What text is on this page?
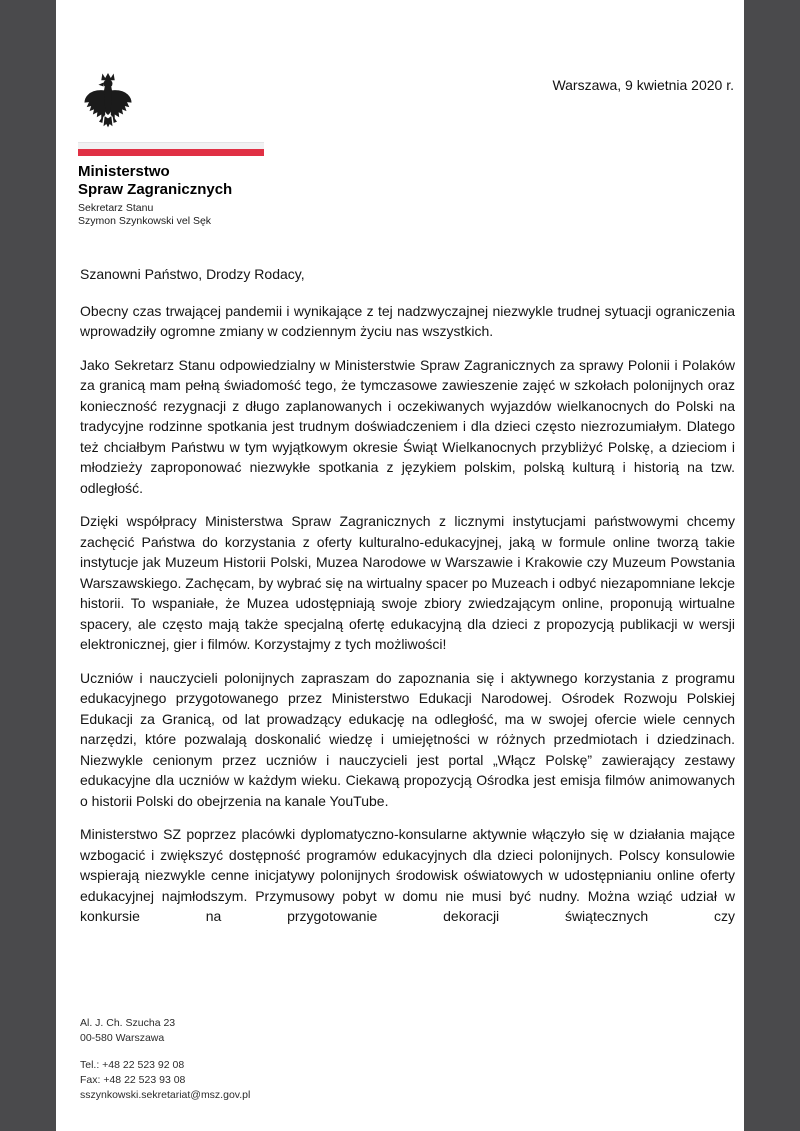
Warszawa, 9 kwietnia 2020 r.
Ministerstwo
Spraw Zagranicznych
Sekretarz Stanu
Szymon Szynkowski vel Sęk

Szanowni Państwo, Drodzy Rodacy,

Obecny czas trwającej pandemii i wynikające z tej nadzwyczajnej niezwykle trudnej sytuacji ograniczenia wprowadziły ogromne zmiany w codziennym życiu nas wszystkich.

Jako Sekretarz Stanu odpowiedzialny w Ministerstwie Spraw Zagranicznych za sprawy Polonii i Polaków za granicą mam pełną świadomość tego, że tymczasowe zawieszenie zajęć w szkołach polonijnych oraz konieczność rezygnacji z długo zaplanowanych i oczekiwanych wyjazdów wielkanocnych do Polski na tradycyjne rodzinne spotkania jest trudnym doświadczeniem i dla dzieci często niezrozumiałym. Dlatego też chciałbym Państwu w tym wyjątkowym okresie Świąt Wielkanocnych przybliżyć Polskę, a dzieciom i młodzieży zaproponować niezwykłe spotkania z językiem polskim, polską kulturą i historią na tzw. odległość.

Dzięki współpracy Ministerstwa Spraw Zagranicznych z licznymi instytucjami państwowymi chcemy zachęcić Państwa do korzystania z oferty kulturalno-edukacyjnej, jaką w formule online tworzą takie instytucje jak Muzeum Historii Polski, Muzea Narodowe w Warszawie i Krakowie czy Muzeum Powstania Warszawskiego. Zachęcam, by wybrać się na wirtualny spacer po Muzeach i odbyć niezapomniane lekcje historii. To wspaniałe, że Muzea udostępniają swoje zbiory zwiedzającym online, proponują wirtualne spacery, ale często mają także specjalną ofertę edukacyjną dla dzieci z propozycją publikacji w wersji elektronicznej, gier i filmów. Korzystajmy z tych możliwości!

Uczniów i nauczycieli polonijnych zapraszam do zapoznania się i aktywnego korzystania z programu edukacyjnego przygotowanego przez Ministerstwo Edukacji Narodowej. Ośrodek Rozwoju Polskiej Edukacji za Granicą, od lat prowadzący edukację na odległość, ma w swojej ofercie wiele cennych narzędzi, które pozwalają doskonalić wiedzę i umiejętności w różnych przedmiotach i dziedzinach. Niezwykle cenionym przez uczniów i nauczycieli jest portal „Włącz Polskę” zawierający zestawy edukacyjne dla uczniów w każdym wieku. Ciekawą propozycją Ośrodka jest emisja filmów animowanych o historii Polski do obejrzenia na kanale YouTube.

Ministerstwo SZ poprzez placówki dyplomatyczno-konsularne aktywnie włączyło się w działania mające wzbogacić i zwiększyć dostępność programów edukacyjnych dla dzieci polonijnych. Polscy konsulowie wspierają niezwykle cenne inicjatywy polonijnych środowisk oświatowych w udostępnianiu online oferty edukacyjnej najmłodszym. Przymusowy pobyt w domu nie musi być nudny. Można wziąć udział w konkursie na przygotowanie dekoracji świątecznych czy

Al. J. Ch. Szucha 23
00-580 Warszawa
Tel.: +48 22 523 92 08
Fax: +48 22 523 93 08
sszynkowski.sekretariat@msz.gov.pl
